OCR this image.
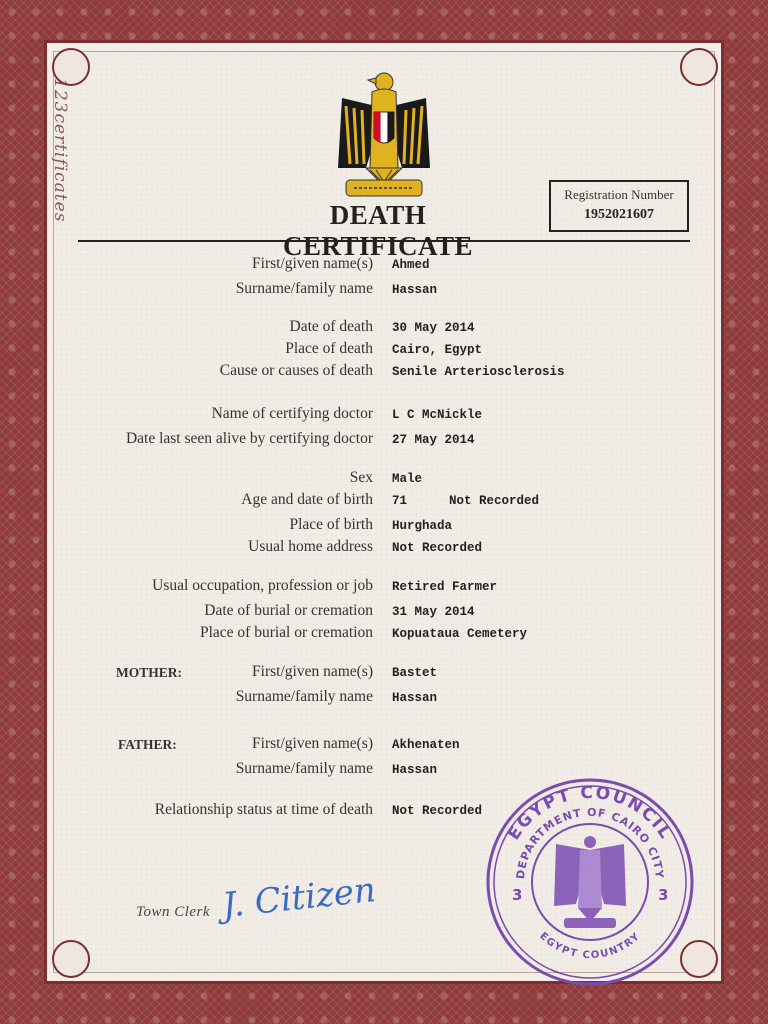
123certificates	DEATH CERTIFICATE
Registration Number
1952021607
First/given name(s) Ahmed
Surname/family name Hassan
Date of death 30 May 2014
Place of death Cairo, Egypt
Cause or causes of death Senile Arteriosclerosis
Name of certifying doctor L C McNickle
Date last seen alive by certifying doctor 27 May 2014
Sex Male
Age and date of birth 71	Not Recorded
Place of birth Hurghada
Usual home address Not Recorded
Usual occupation, profession or job Retired Farmer
Date of burial or cremation 31 May 2014
Place of burial or cremation Kopuataua Cemetery
MOTHER:	First/given name(s) Bastet
Surname/family name Hassan
FATHER:	First/given name(s) Akhenaten
Surname/family name Hassan
Relationship status at time of death Not Recorded
Town Clerk J. Citizen
EGYPT COUNCIL
DEPARTMENT OF CAIRO CITY
EGYPT COUNTRY
3	3
